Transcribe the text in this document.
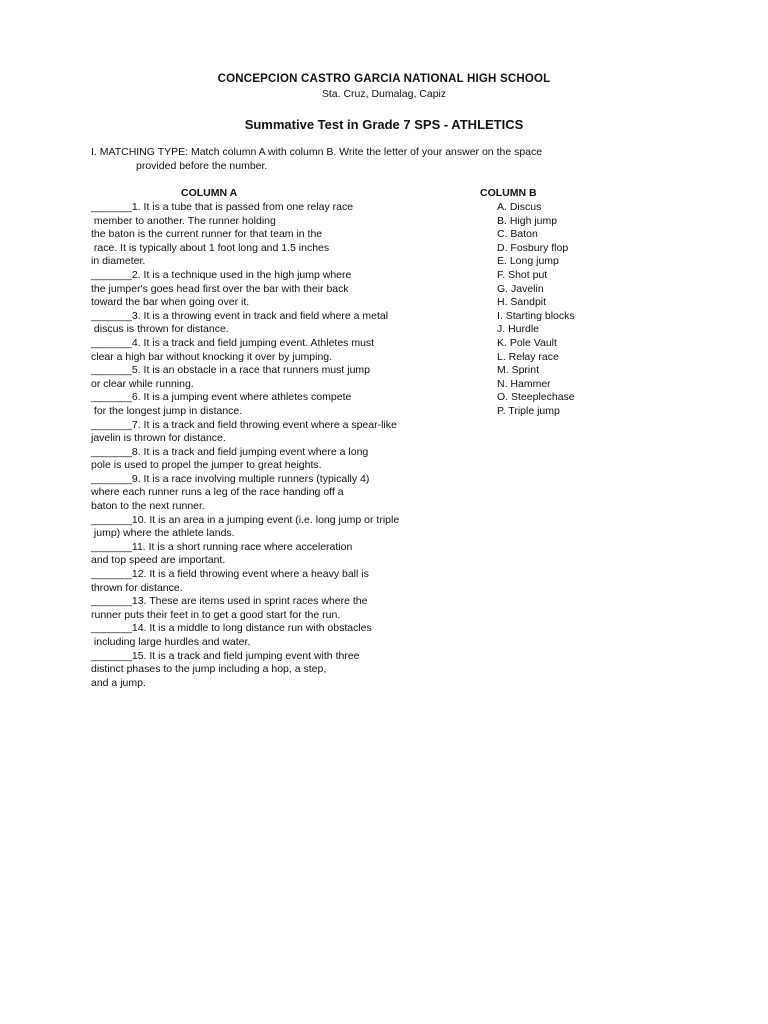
CONCEPCION CASTRO GARCIA NATIONAL HIGH SCHOOL
Sta. Cruz, Dumalag, Capiz
Summative Test in Grade 7 SPS - ATHLETICS
I. MATCHING TYPE: Match column A with column B. Write the letter of your answer on the space
provided before the number.
COLUMN A	COLUMN B
_______1. It is a tube that is passed from one relay race
member to another. The runner holding
the baton is the current runner for that team in the
race. It is typically about 1 foot long and 1.5 inches
in diameter.
_______2. It is a technique used in the high jump where
the jumper's goes head first over the bar with their back
toward the bar when going over it.
_______3. It is a throwing event in track and field where a metal
discus is thrown for distance.
_______4. It is a track and field jumping event. Athletes must
clear a high bar without knocking it over by jumping.
_______5. It is an obstacle in a race that runners must jump
or clear while running.
_______6. It is a jumping event where athletes compete
for the longest jump in distance.
_______7. It is a track and field throwing event where a spear-like
javelin is thrown for distance.
_______8. It is a track and field jumping event where a long
pole is used to propel the jumper to great heights.
_______9. It is a race involving multiple runners (typically 4)
where each runner runs a leg of the race handing off a
baton to the next runner.
_______10. It is an area in a jumping event (i.e. long jump or triple
jump) where the athlete lands.
_______11. It is a short running race where acceleration
and top speed are important.
_______12. It is a field throwing event where a heavy ball is
thrown for distance.
_______13. These are items used in sprint races where the
runner puts their feet in to get a good start for the run.
_______14. It is a middle to long distance run with obstacles
including large hurdles and water.
_______15. It is a track and field jumping event with three
distinct phases to the jump including a hop, a step,
and a jump.
A. Discus
B. High jump
C. Baton
D. Fosbury flop
E. Long jump
F. Shot put
G. Javelin
H. Sandpit
I. Starting blocks
J. Hurdle
K. Pole Vault
L. Relay race
M. Sprint
N. Hammer
O. Steeplechase
P. Triple jump
